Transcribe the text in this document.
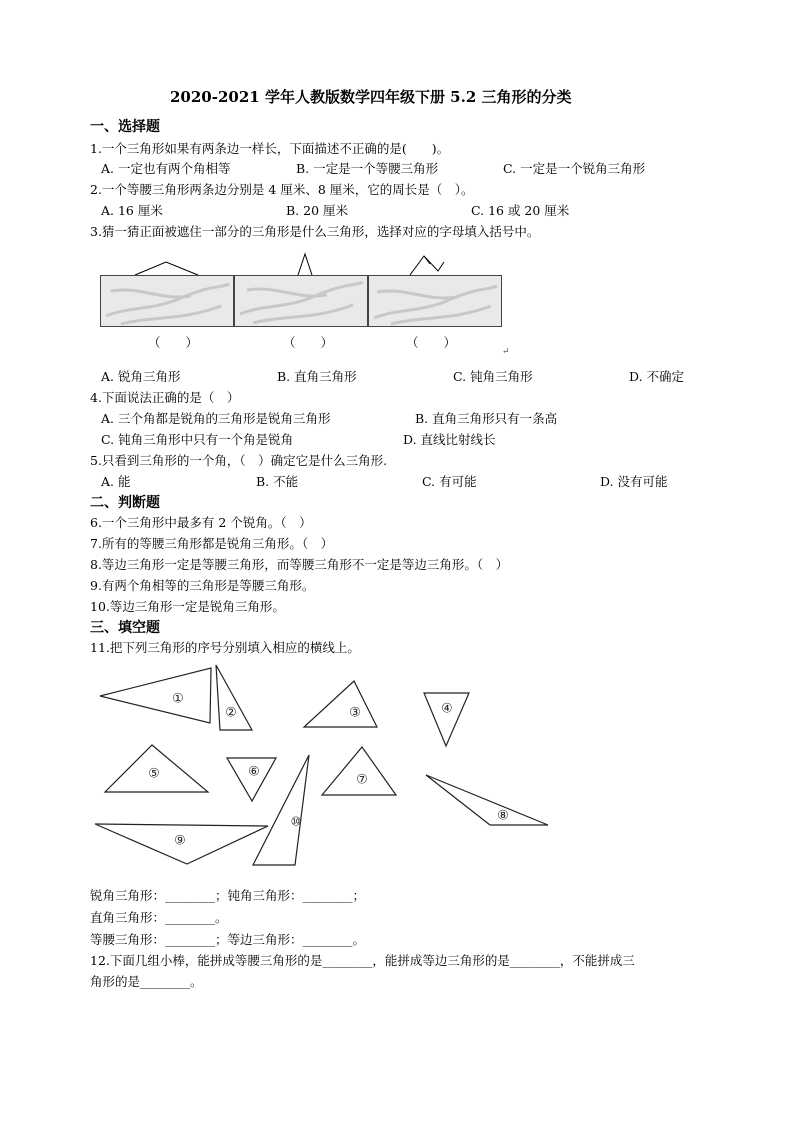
2020-2021 学年人教版数学四年级下册 5.2 三角形的分类
一、选择题
1.一个三角形如果有两条边一样长，下面描述不正确的是(　　)。
A. 一定也有两个角相等	B. 一定是一个等腰三角形	C. 一定是一个锐角三角形
2.一个等腰三角形两条边分别是 4 厘米、8 厘米，它的周长是（　）。
A. 16 厘米	B. 20 厘米	C. 16 或 20 厘米
3.猜一猜正面被遮住一部分的三角形是什么三角形，选择对应的字母填入括号中。
（　　）	（　　）	（　　）
↵
A. 锐角三角形	B. 直角三角形	C. 钝角三角形	D. 不确定
4.下面说法正确的是（　）
A. 三个角都是锐角的三角形是锐角三角形	B. 直角三角形只有一条高
C. 钝角三角形中只有一个角是锐角	D. 直线比射线长
5.只看到三角形的一个角，（　）确定它是什么三角形.
A. 能	B. 不能	C. 有可能	D. 没有可能
二、判断题
6.一个三角形中最多有 2 个锐角。（　）
7.所有的等腰三角形都是锐角三角形。（　）
8.等边三角形一定是等腰三角形，而等腰三角形不一定是等边三角形。（　）
9.有两个角相等的三角形是等腰三角形。
10.等边三角形一定是锐角三角形。
三、填空题
11.把下列三角形的序号分别填入相应的横线上。
①
②	③	④
⑤	⑥
⑦
⑧
⑨
⑩
锐角三角形：________；钝角三角形：________；
直角三角形：________。
等腰三角形：________；等边三角形：________。
12.下面几组小棒，能拼成等腰三角形的是________，能拼成等边三角形的是________，不能拼成三
角形的是________。
